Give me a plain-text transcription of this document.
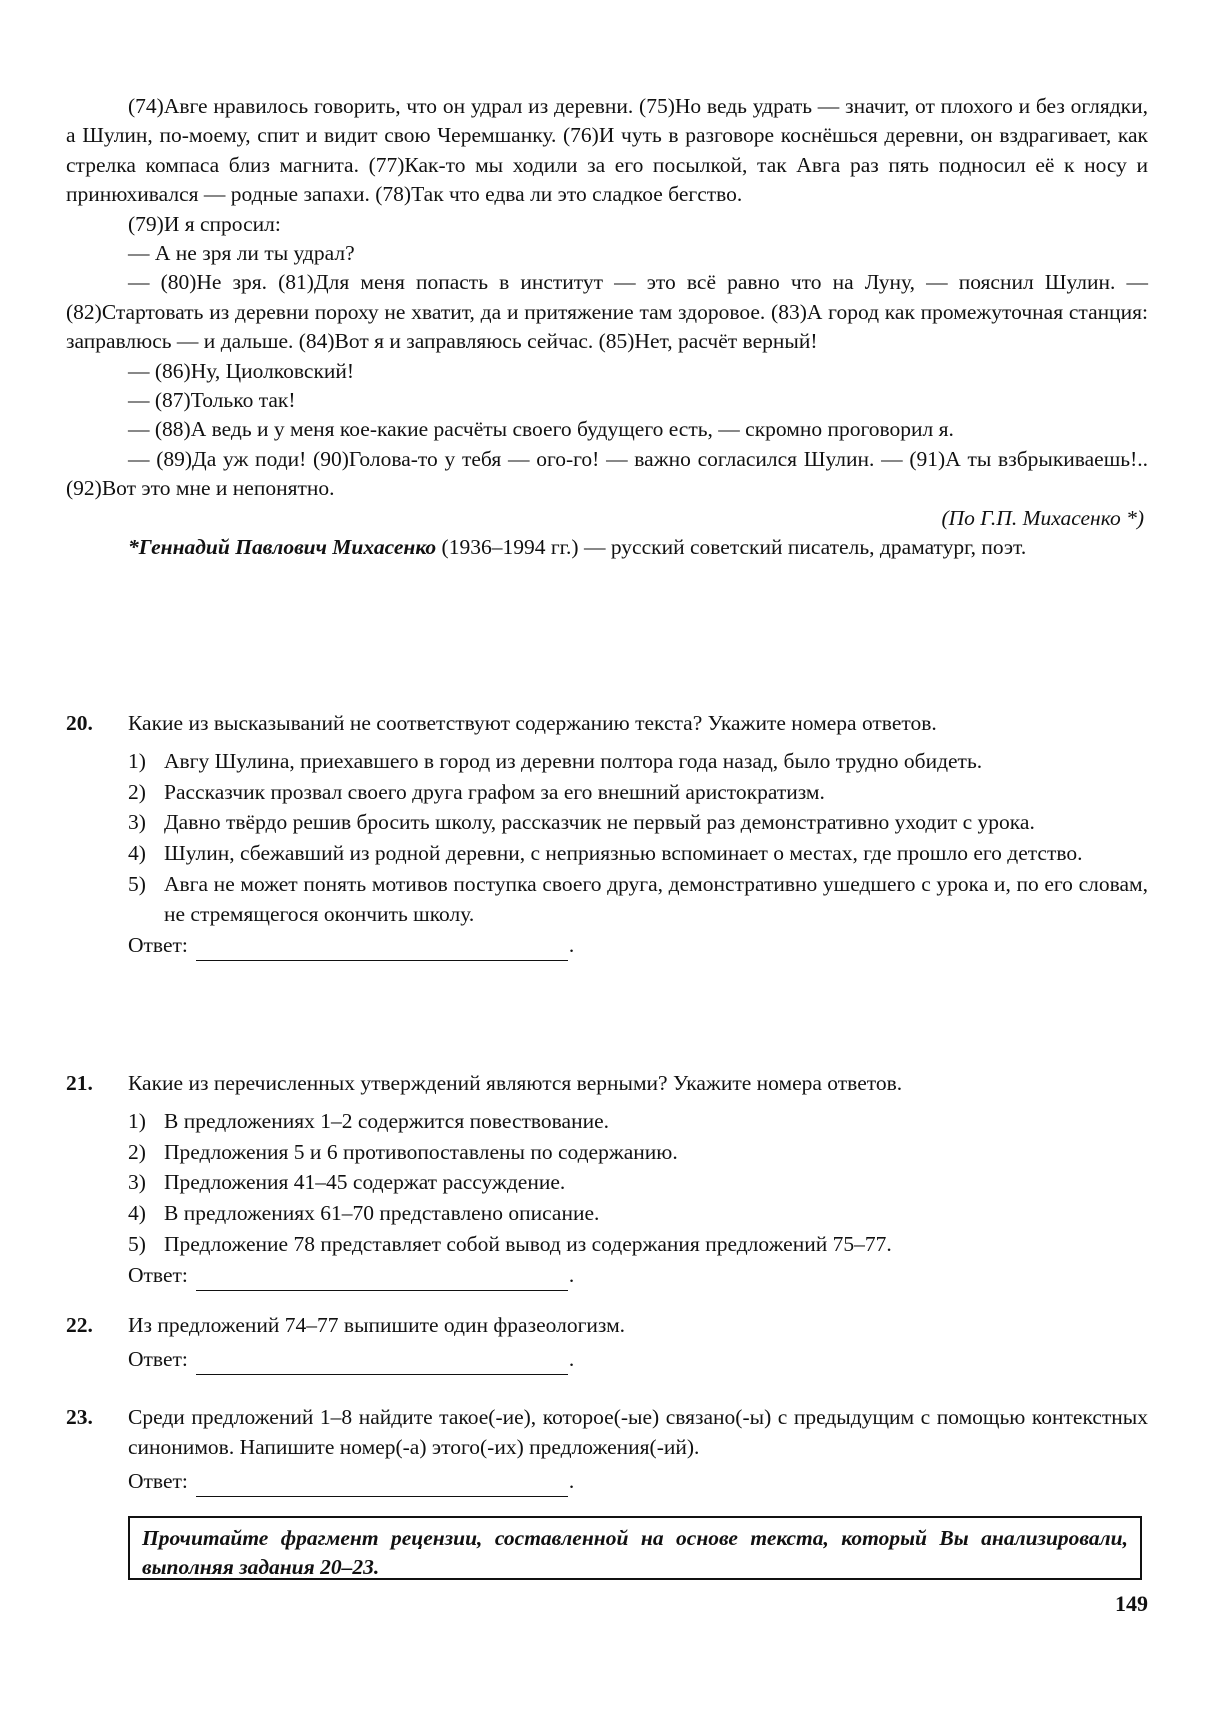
(74)Авге нравилось говорить, что он удрал из деревни. (75)Но ведь удрать — значит, от плохого и без оглядки, а Шулин, по-моему, спит и видит свою Черемшанку. (76)И чуть в разговоре коснёшься деревни, он вздрагивает, как стрелка компаса близ магнита. (77)Как-то мы ходили за его посылкой, так Авга раз пять подносил её к носу и принюхивался — родные запахи. (78)Так что едва ли это сладкое бегство.

(79)И я спросил:

— А не зря ли ты удрал?

— (80)Не зря. (81)Для меня попасть в институт — это всё равно что на Луну, — пояснил Шулин. — (82)Стартовать из деревни пороху не хватит, да и притяжение там здоровое. (83)А город как промежуточная станция: заправлюсь — и дальше. (84)Вот я и заправляюсь сейчас. (85)Нет, расчёт верный!

— (86)Ну, Циолковский!

— (87)Только так!

— (88)А ведь и у меня кое-какие расчёты своего будущего есть, — скромно проговорил я.

— (89)Да уж поди! (90)Голова-то у тебя — ого-го! — важно согласился Шулин. — (91)А ты взбрыкиваешь!.. (92)Вот это мне и непонятно.

(По Г.П. Михасенко *)

*Геннадий Павлович Михасенко (1936–1994 гг.) — русский советский писатель, драматург, поэт.

20. Какие из высказываний не соответствуют содержанию текста? Укажите номера ответов.
1) Авгу Шулина, приехавшего в город из деревни полтора года назад, было трудно обидеть.
2) Рассказчик прозвал своего друга графом за его внешний аристократизм.
3) Давно твёрдо решив бросить школу, рассказчик не первый раз демонстративно уходит с урока.
4) Шулин, сбежавший из родной деревни, с неприязнью вспоминает о местах, где прошло его детство.
5) Авга не может понять мотивов поступка своего друга, демонстративно ушедшего с урока и, по его словам, не стремящегося окончить школу.
Ответ:	.
21. Какие из перечисленных утверждений являются верными? Укажите номера ответов.
1) В предложениях 1–2 содержится повествование.
2) Предложения 5 и 6 противопоставлены по содержанию.
3) Предложения 41–45 содержат рассуждение.
4) В предложениях 61–70 представлено описание.
5) Предложение 78 представляет собой вывод из содержания предложений 75–77.
Ответ:	.
22. Из предложений 74–77 выпишите один фразеологизм.
Ответ:	.
23. Среди предложений 1–8 найдите такое(-ие), которое(-ые) связано(-ы) с предыдущим с помощью контекстных синонимов. Напишите номер(-а) этого(-их) предложения(-ий).
Ответ:	.
Прочитайте фрагмент рецензии, составленной на основе текста, который Вы анализировали, выполняя задания 20–23.
149
